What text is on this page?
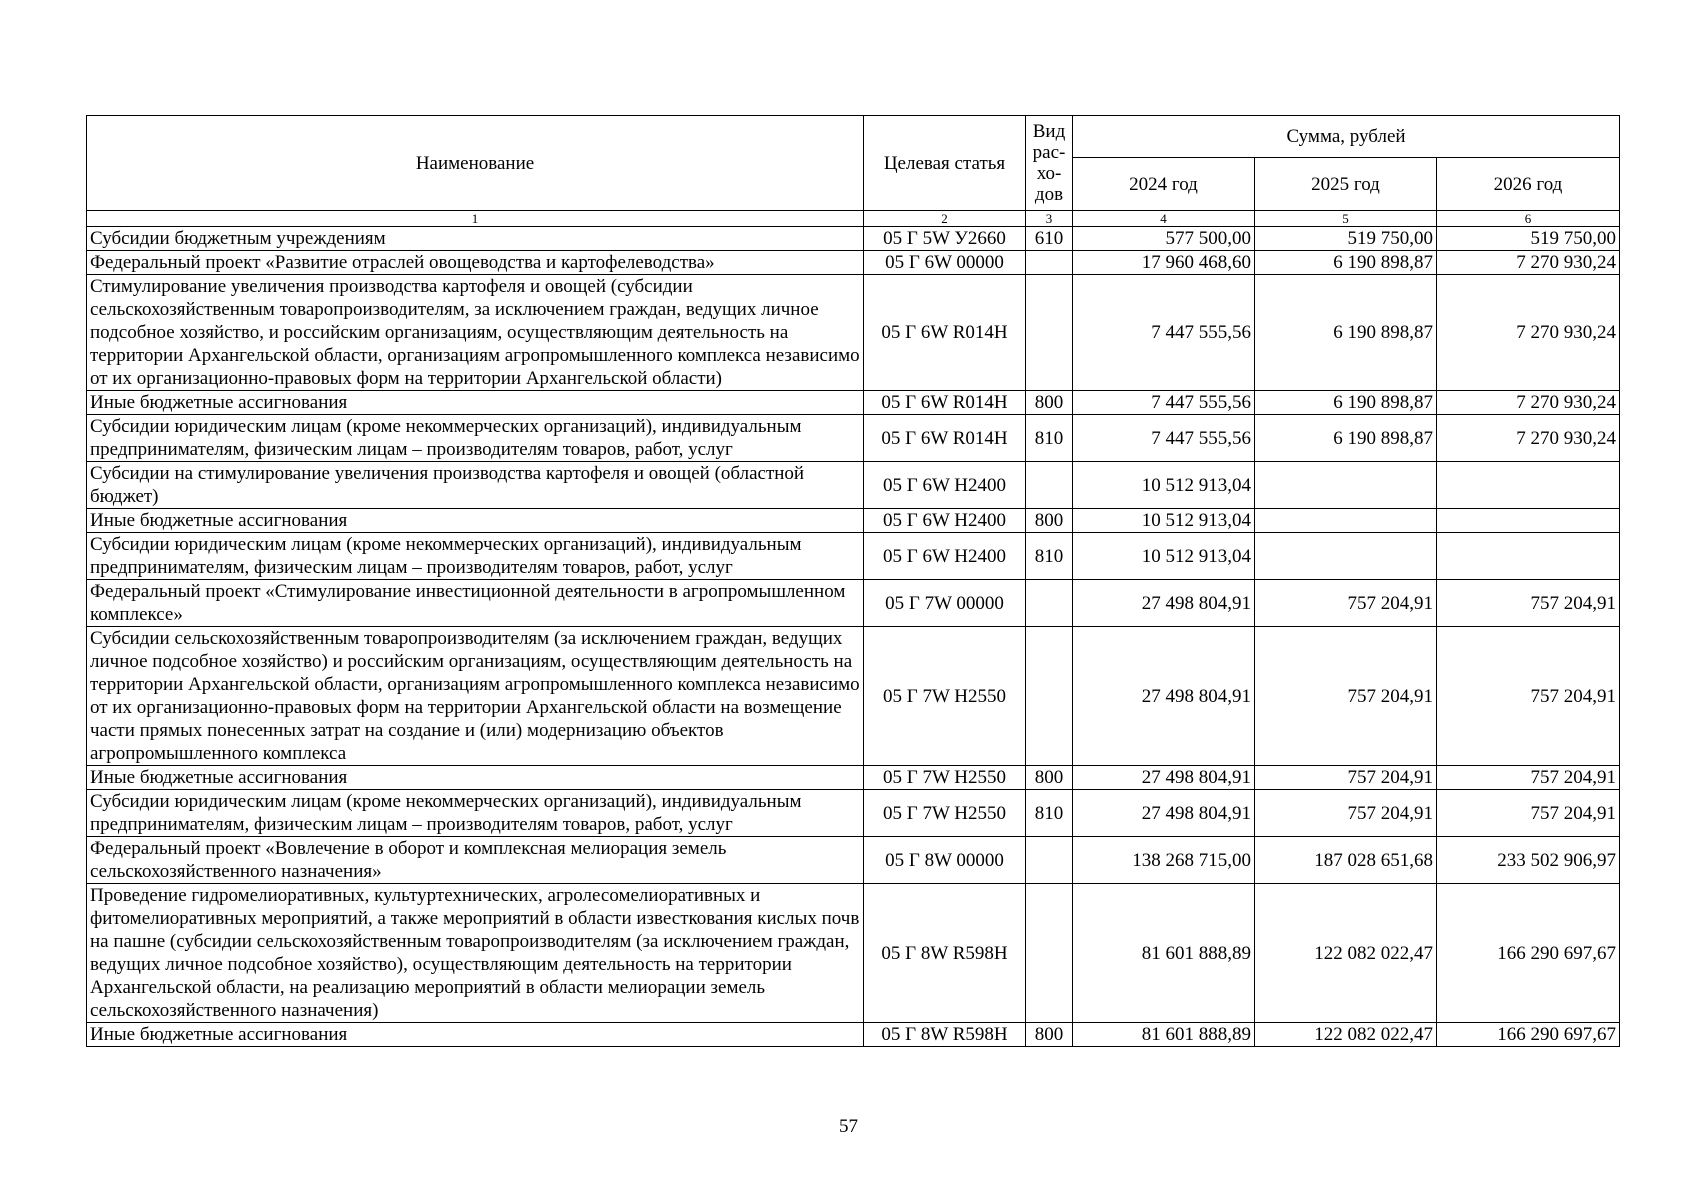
Наименование	Целевая статья	Вид рас-хо-дов	Сумма, рублей		
			2024 год	2025 год	2026 год
1	2	3	4	5	6
Субсидии бюджетным учреждениям	05 Г 5W У2660	610	577 500,00	519 750,00	519 750,00
Федеральный проект «Развитие отраслей овощеводства и картофелеводства»	05 Г 6W 00000		17 960 468,60	6 190 898,87	7 270 930,24
Стимулирование увеличения производства картофеля и овощей (субсидии сельскохозяйственным товаропроизводителям, за исключением граждан, ведущих личное подсобное хозяйство, и российским организациям, осуществляющим деятельность на территории Архангельской области, организациям агропромышленного комплекса независимо от их организационно-правовых форм на территории Архангельской области)	05 Г 6W R014Н		7 447 555,56	6 190 898,87	7 270 930,24
Иные бюджетные ассигнования	05 Г 6W R014Н	800	7 447 555,56	6 190 898,87	7 270 930,24
Субсидии юридическим лицам (кроме некоммерческих организаций), индивидуальным предпринимателям, физическим лицам – производителям товаров, работ, услуг	05 Г 6W R014Н	810	7 447 555,56	6 190 898,87	7 270 930,24
Субсидии на стимулирование увеличения производства картофеля и овощей (областной бюджет)	05 Г 6W Н2400		10 512 913,04		
Иные бюджетные ассигнования	05 Г 6W Н2400	800	10 512 913,04		
Субсидии юридическим лицам (кроме некоммерческих организаций), индивидуальным предпринимателям, физическим лицам – производителям товаров, работ, услуг	05 Г 6W Н2400	810	10 512 913,04		
Федеральный проект «Стимулирование инвестиционной деятельности в агропромышленном комплексе»	05 Г 7W 00000		27 498 804,91	757 204,91	757 204,91
Субсидии сельскохозяйственным товаропроизводителям (за исключением граждан, ведущих личное подсобное хозяйство) и российским организациям, осуществляющим деятельность на территории Архангельской области, организациям агропромышленного комплекса независимо от их организационно-правовых форм на территории Архангельской области на возмещение части прямых понесенных затрат на создание и (или) модернизацию объектов агропромышленного комплекса	05 Г 7W Н2550		27 498 804,91	757 204,91	757 204,91
Иные бюджетные ассигнования	05 Г 7W Н2550	800	27 498 804,91	757 204,91	757 204,91
Субсидии юридическим лицам (кроме некоммерческих организаций), индивидуальным предпринимателям, физическим лицам – производителям товаров, работ, услуг	05 Г 7W Н2550	810	27 498 804,91	757 204,91	757 204,91
Федеральный проект «Вовлечение в оборот и комплексная мелиорация земель сельскохозяйственного назначения»	05 Г 8W 00000		138 268 715,00	187 028 651,68	233 502 906,97
Проведение гидромелиоративных, культуртехнических, агролесомелиоративных и фитомелиоративных мероприятий, а также мероприятий в области известкования кислых почв на пашне (субсидии сельскохозяйственным товаропроизводителям (за исключением граждан, ведущих личное подсобное хозяйство), осуществляющим деятельность на территории Архангельской области, на реализацию мероприятий в области мелиорации земель сельскохозяйственного назначения)	05 Г 8W R598Н		81 601 888,89	122 082 022,47	166 290 697,67
Иные бюджетные ассигнования	05 Г 8W R598Н	800	81 601 888,89	122 082 022,47	166 290 697,67
57
